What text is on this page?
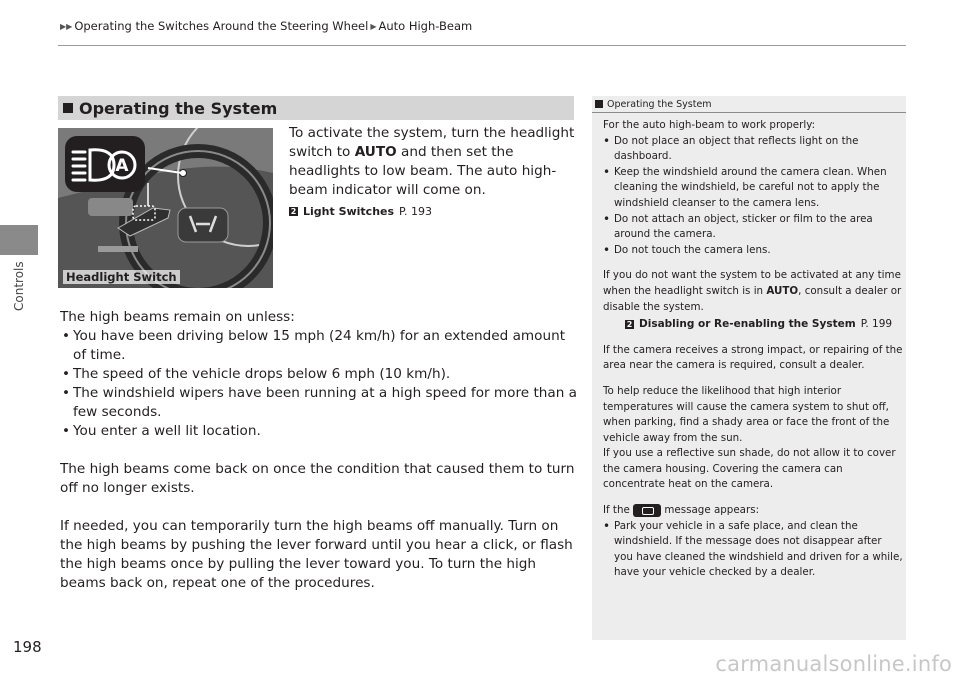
Controls
198
▶▶ Operating the Switches Around the Steering Wheel ▶ Auto High-Beam
Operating the System
A
Headlight Switch
To activate the system, turn the headlight switch to AUTO and then set the headlights to low beam. The auto high-beam indicator will come on.
2 Light Switches P. 193

The high beams remain on unless:

• You have been driving below 15 mph (24 km/h) for an extended amount of time.
• The speed of the vehicle drops below 6 mph (10 km/h).
• The windshield wipers have been running at a high speed for more than a few seconds.
• You enter a well lit location.

The high beams come back on once the condition that caused them to turn off no longer exists.

If needed, you can temporarily turn the high beams off manually. Turn on the high beams by pushing the lever forward until you hear a click, or flash the high beams once by pulling the lever toward you. To turn the high beams back on, repeat one of the procedures.

Operating the System

For the auto high-beam to work properly:

• Do not place an object that reflects light on the dashboard.
• Keep the windshield around the camera clean. When cleaning the windshield, be careful not to apply the windshield cleanser to the camera lens.
• Do not attach an object, sticker or film to the area around the camera.
• Do not touch the camera lens.

If you do not want the system to be activated at any time when the headlight switch is in AUTO, consult a dealer or disable the system.

2 Disabling or Re-enabling the System P. 199

If the camera receives a strong impact, or repairing of the area near the camera is required, consult a dealer.

To help reduce the likelihood that high interior temperatures will cause the camera system to shut off, when parking, find a shady area or face the front of the vehicle away from the sun.

If you use a reflective sun shade, do not allow it to cover the camera housing. Covering the camera can concentrate heat on the camera.

If the	message appears:

• Park your vehicle in a safe place, and clean the windshield. If the message does not disappear after you have cleaned the windshield and driven for a while, have your vehicle checked by a dealer.
carmanualsonline.info
